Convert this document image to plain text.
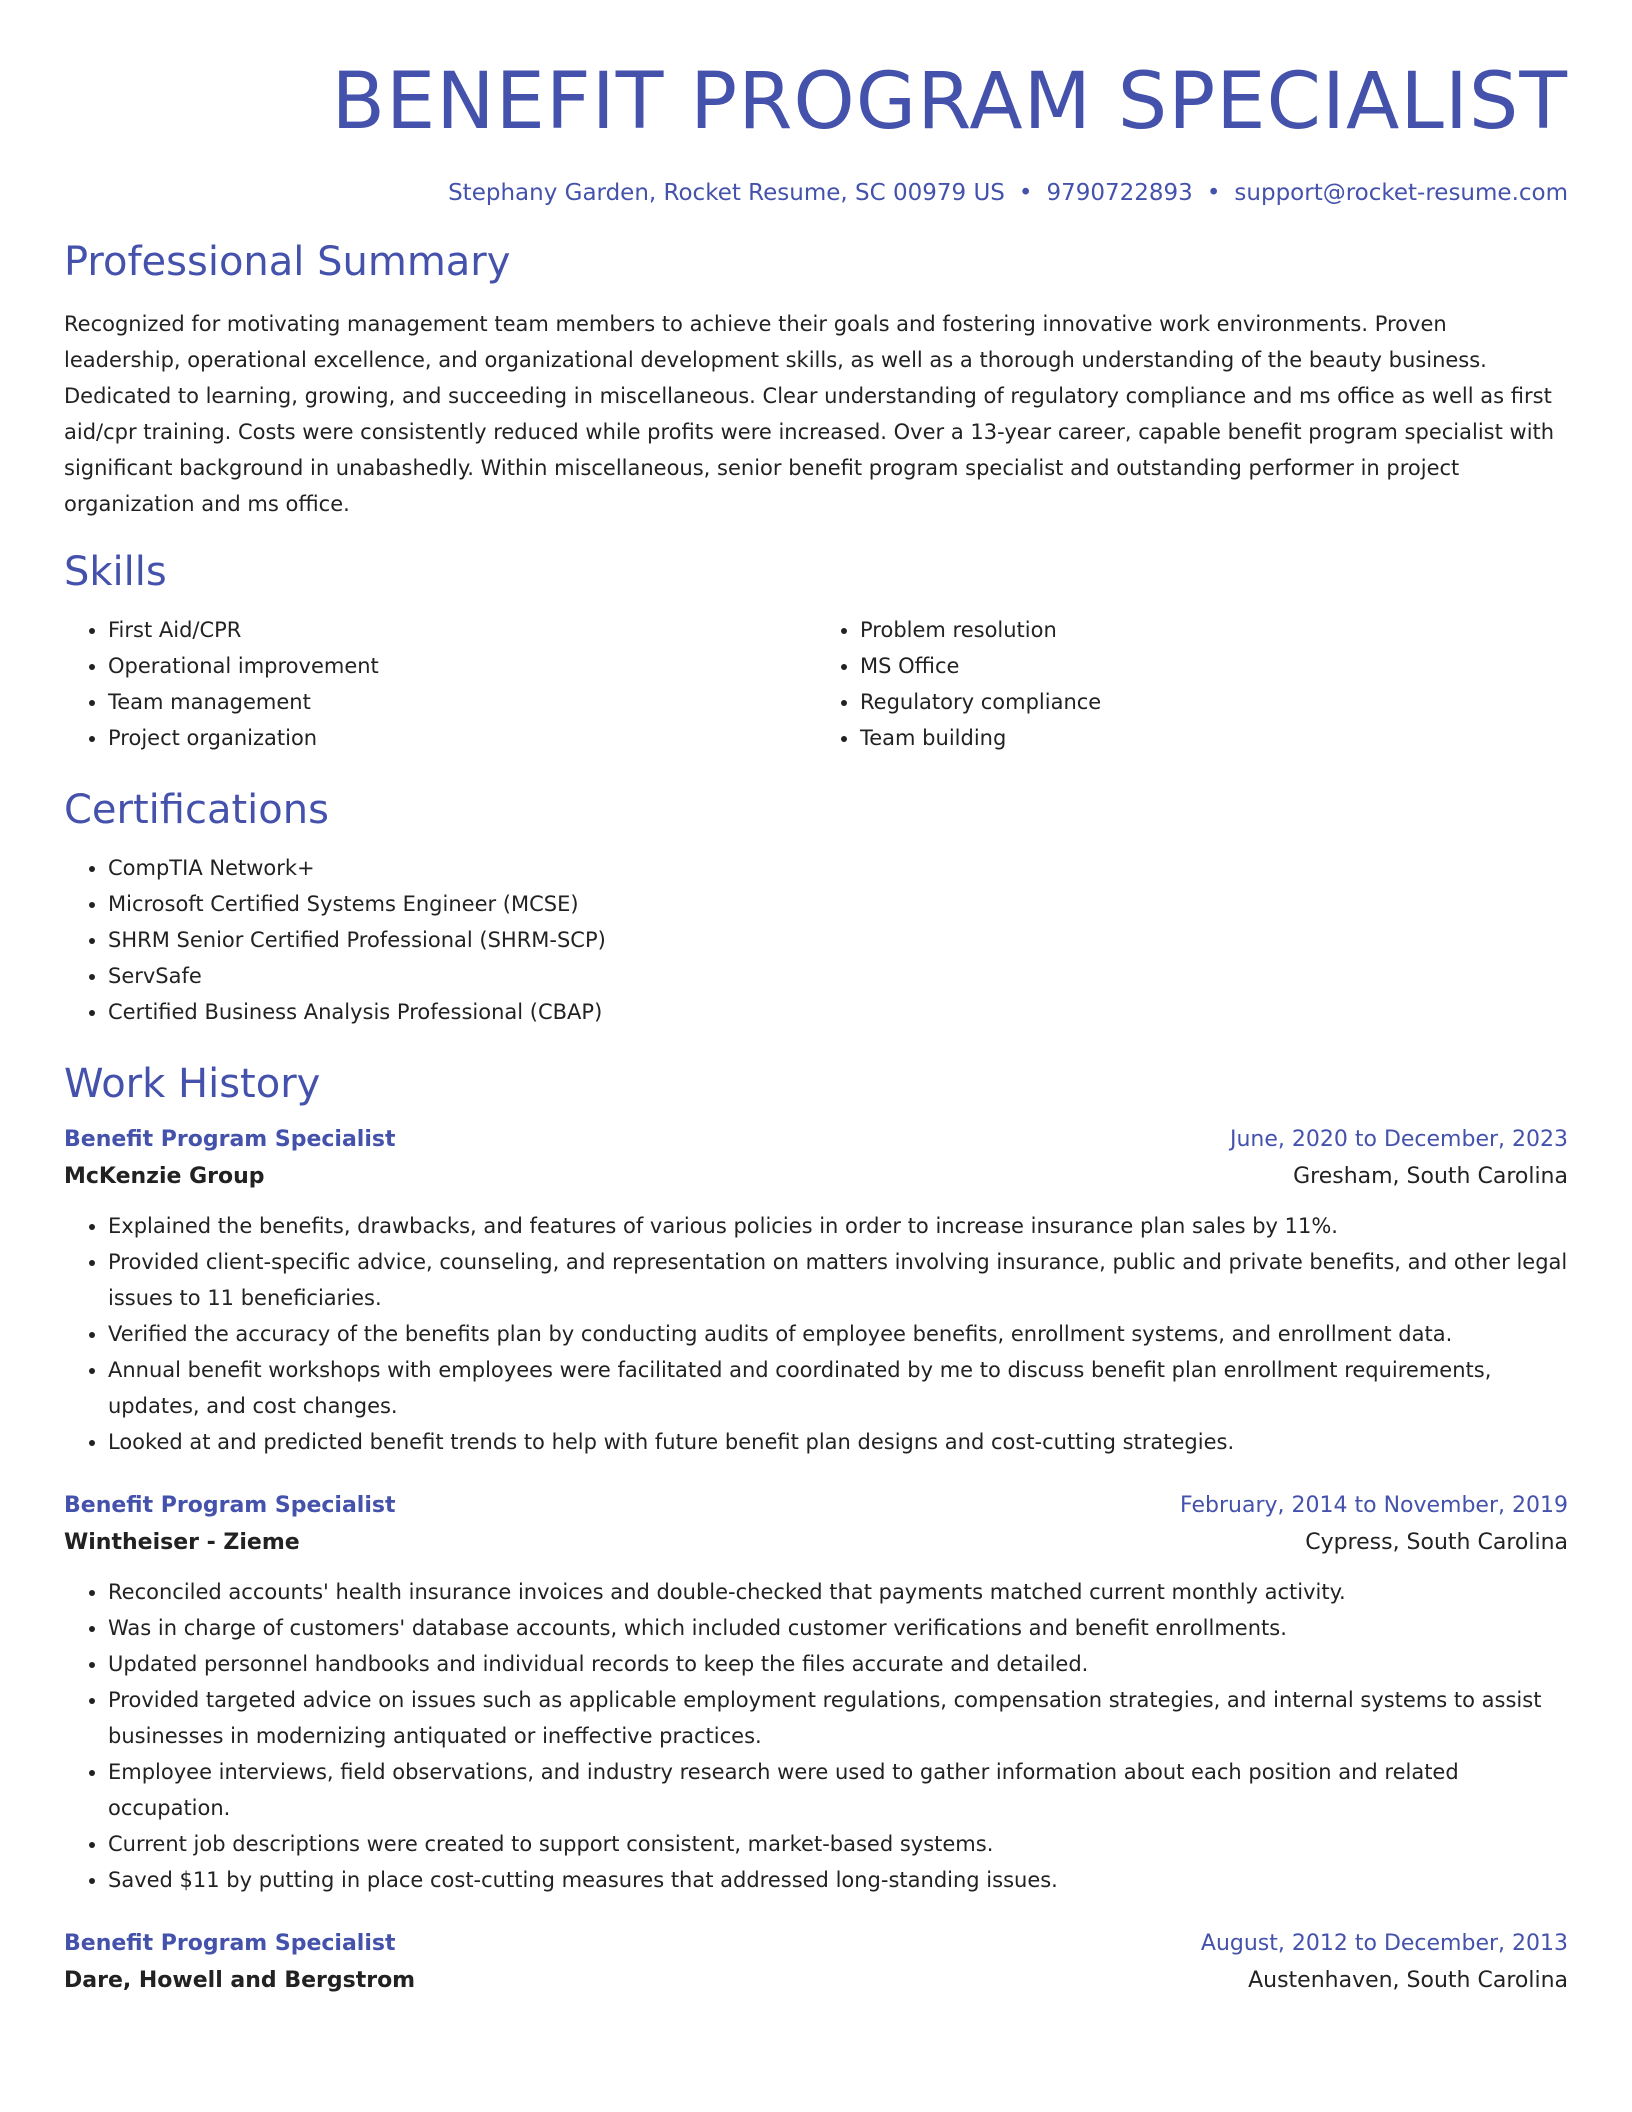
BENEFIT PROGRAM SPECIALIST
Stephany Garden, Rocket Resume, SC 00979 US • 9790722893 • support@rocket-resume.com
Professional Summary

Recognized for motivating management team members to achieve their goals and fostering innovative work environments. Proven leadership, operational excellence, and organizational development skills, as well as a thorough understanding of the beauty business. Dedicated to learning, growing, and succeeding in miscellaneous. Clear understanding of regulatory compliance and ms office as well as first aid/cpr training. Costs were consistently reduced while profits were increased. Over a 13-year career, capable benefit program specialist with significant background in unabashedly. Within miscellaneous, senior benefit program specialist and outstanding performer in project organization and ms office.

Skills
• First Aid/CPR
• Operational improvement
• Team management
• Project organization
• Problem resolution
• MS Office
• Regulatory compliance
• Team building
Certifications
• CompTIA Network+
• Microsoft Certified Systems Engineer (MCSE)
• SHRM Senior Certified Professional (SHRM-SCP)
• ServSafe
• Certified Business Analysis Professional (CBAP)
Work History
Benefit Program Specialist	June, 2020 to December, 2023
McKenzie Group	Gresham, South Carolina
• Explained the benefits, drawbacks, and features of various policies in order to increase insurance plan sales by 11%.
• Provided client-specific advice, counseling, and representation on matters involving insurance, public and private benefits, and other legal issues to 11 beneficiaries.
• Verified the accuracy of the benefits plan by conducting audits of employee benefits, enrollment systems, and enrollment data.
• Annual benefit workshops with employees were facilitated and coordinated by me to discuss benefit plan enrollment requirements, updates, and cost changes.
• Looked at and predicted benefit trends to help with future benefit plan designs and cost-cutting strategies.
Benefit Program Specialist	February, 2014 to November, 2019
Wintheiser - Zieme	Cypress, South Carolina
• Reconciled accounts' health insurance invoices and double-checked that payments matched current monthly activity.
• Was in charge of customers' database accounts, which included customer verifications and benefit enrollments.
• Updated personnel handbooks and individual records to keep the files accurate and detailed.
• Provided targeted advice on issues such as applicable employment regulations, compensation strategies, and internal systems to assist businesses in modernizing antiquated or ineffective practices.
• Employee interviews, field observations, and industry research were used to gather information about each position and related occupation.
• Current job descriptions were created to support consistent, market-based systems.
• Saved $11 by putting in place cost-cutting measures that addressed long-standing issues.
Benefit Program Specialist	August, 2012 to December, 2013
Dare, Howell and Bergstrom	Austenhaven, South Carolina
